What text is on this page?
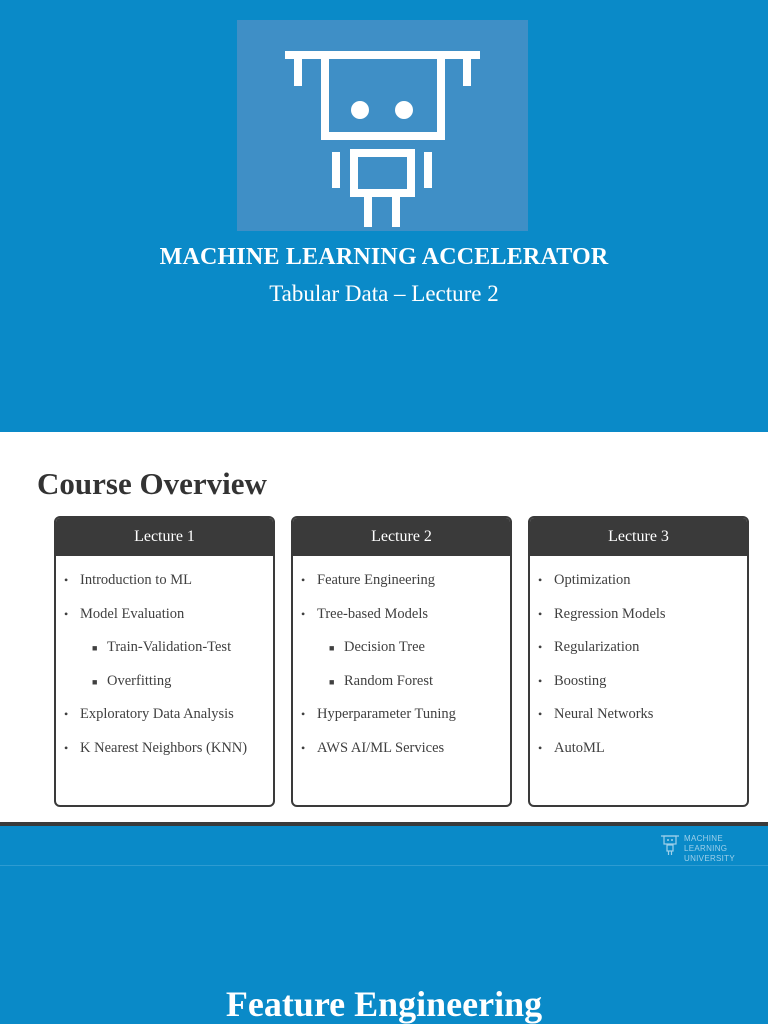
MACHINE LEARNING ACCELERATOR
Tabular Data – Lecture 2
Course Overview
Lecture 1
• Introduction to ML
• Model Evaluation
■ Train-Validation-Test
■ Overfitting
• Exploratory Data Analysis
• K Nearest Neighbors (KNN)
Lecture 2
• Feature Engineering
• Tree-based Models
■ Decision Tree
■ Random Forest
• Hyperparameter Tuning
• AWS AI/ML Services
Lecture 3
• Optimization
• Regression Models
• Regularization
• Boosting
• Neural Networks
• AutoML
MACHINE LEARNING
UNIVERSITY
Feature Engineering
